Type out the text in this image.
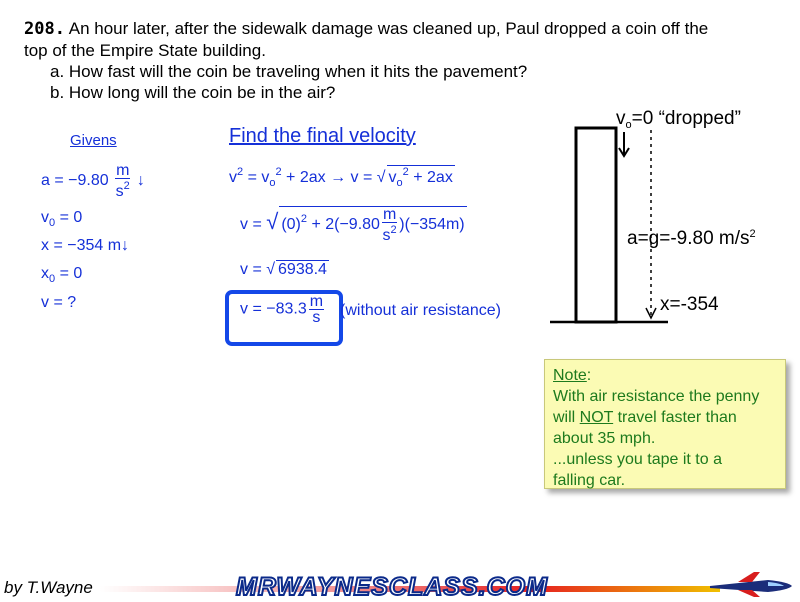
208. An hour later, after the sidewalk damage was cleaned up, Paul dropped a coin off the
top of the Empire State building.
a. How fast will the coin be traveling when it hits the pavement?
b. How long will the coin be in the air?
Givens
$a = -9.80 \frac{m}{s^2}$ ↓
$v_0 = 0$
x = −354 m↓
$x_0 = 0$
v = ?
Find the final velocity
$v^2 = v_o^2 + 2ax \to v$ = √ $v_o^2 + 2ax$
v = √ $(0)^2 + 2(-9.80 \frac{m}{s^2} )(-354m)$
v = √ 6938.4
$v = -83.3 \frac{m}{s}$ (without air resistance)
$v_o=0$ “dropped”
a=g=-9.80 $m/s^2$
x=-354
Note:
With air resistance the penny
will NOT travel faster than
about 35 mph.
...unless you tape it to a
falling car.
by T.Wayne	MRWAYNESCLASS.COM
